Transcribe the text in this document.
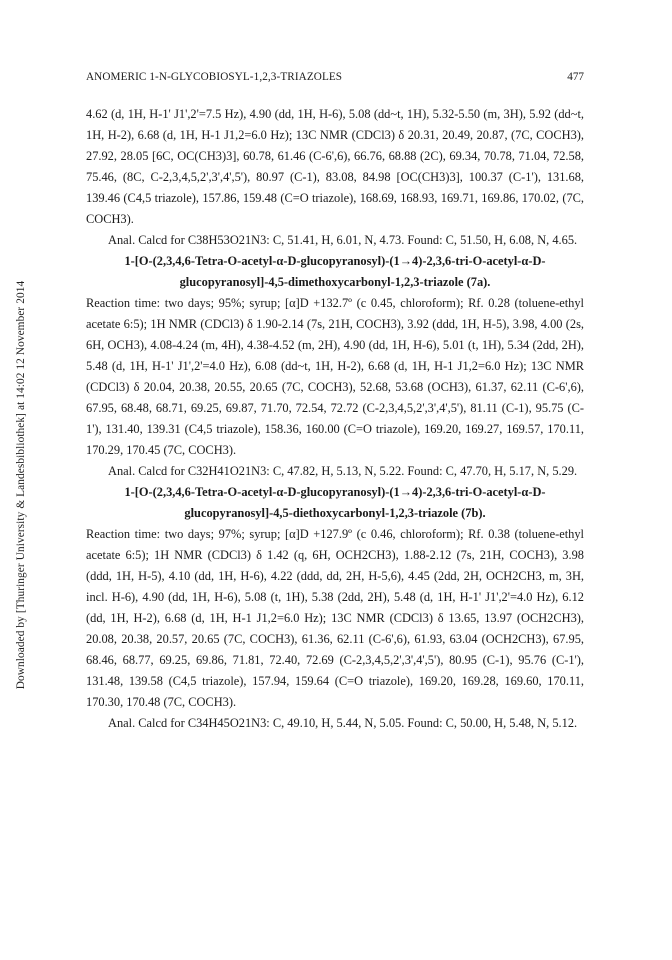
Downloaded by [Thuringer University & Landesbibliothek] at 14:02 12 November 2014
ANOMERIC 1-N-GLYCOBIOSYL-1,2,3-TRIAZOLES	477

4.62 (d, 1H, H-1' J1',2'=7.5 Hz), 4.90 (dd, 1H, H-6), 5.08 (dd~t, 1H), 5.32-5.50 (m, 3H), 5.92 (dd~t, 1H, H-2), 6.68 (d, 1H, H-1 J1,2=6.0 Hz); 13C NMR (CDCl3) δ 20.31, 20.49, 20.87, (7C, COCH3), 27.92, 28.05 [6C, OC(CH3)3], 60.78, 61.46 (C-6',6), 66.76, 68.88 (2C), 69.34, 70.78, 71.04, 72.58, 75.46, (8C, C-2,3,4,5,2',3',4',5'), 80.97 (C-1), 83.08, 84.98 [OC(CH3)3], 100.37 (C-1'), 131.68, 139.46 (C4,5 triazole), 157.86, 159.48 (C=O triazole), 168.69, 168.93, 169.71, 169.86, 170.02, (7C, COCH3).

Anal. Calcd for C38H53O21N3: C, 51.41, H, 6.01, N, 4.73. Found: C, 51.50, H, 6.08, N, 4.65.

1-[O-(2,3,4,6-Tetra-O-acetyl-α-D-glucopyranosyl)-(1→4)-2,3,6-tri-O-acetyl-α-D-glucopyranosyl]-4,5-dimethoxycarbonyl-1,2,3-triazole (7a).

Reaction time: two days; 95%; syrup; [α]D +132.7º (c 0.45, chloroform); Rf. 0.28 (toluene-ethyl acetate 6:5); 1H NMR (CDCl3) δ 1.90-2.14 (7s, 21H, COCH3), 3.92 (ddd, 1H, H-5), 3.98, 4.00 (2s, 6H, OCH3), 4.08-4.24 (m, 4H), 4.38-4.52 (m, 2H), 4.90 (dd, 1H, H-6), 5.01 (t, 1H), 5.34 (2dd, 2H), 5.48 (d, 1H, H-1' J1',2'=4.0 Hz), 6.08 (dd~t, 1H, H-2), 6.68 (d, 1H, H-1 J1,2=6.0 Hz); 13C NMR (CDCl3) δ 20.04, 20.38, 20.55, 20.65 (7C, COCH3), 52.68, 53.68 (OCH3), 61.37, 62.11 (C-6',6), 67.95, 68.48, 68.71, 69.25, 69.87, 71.70, 72.54, 72.72 (C-2,3,4,5,2',3',4',5'), 81.11 (C-1), 95.75 (C-1'), 131.40, 139.31 (C4,5 triazole), 158.36, 160.00 (C=O triazole), 169.20, 169.27, 169.57, 170.11, 170.29, 170.45 (7C, COCH3).

Anal. Calcd for C32H41O21N3: C, 47.82, H, 5.13, N, 5.22. Found: C, 47.70, H, 5.17, N, 5.29.

1-[O-(2,3,4,6-Tetra-O-acetyl-α-D-glucopyranosyl)-(1→4)-2,3,6-tri-O-acetyl-α-D-glucopyranosyl]-4,5-diethoxycarbonyl-1,2,3-triazole (7b).

Reaction time: two days; 97%; syrup; [α]D +127.9º (c 0.46, chloroform); Rf. 0.38 (toluene-ethyl acetate 6:5); 1H NMR (CDCl3) δ 1.42 (q, 6H, OCH2CH3), 1.88-2.12 (7s, 21H, COCH3), 3.98 (ddd, 1H, H-5), 4.10 (dd, 1H, H-6), 4.22 (ddd, dd, 2H, H-5,6), 4.45 (2dd, 2H, OCH2CH3, m, 3H, incl. H-6), 4.90 (dd, 1H, H-6), 5.08 (t, 1H), 5.38 (2dd, 2H), 5.48 (d, 1H, H-1' J1',2'=4.0 Hz), 6.12 (dd, 1H, H-2), 6.68 (d, 1H, H-1 J1,2=6.0 Hz); 13C NMR (CDCl3) δ 13.65, 13.97 (OCH2CH3), 20.08, 20.38, 20.57, 20.65 (7C, COCH3), 61.36, 62.11 (C-6',6), 61.93, 63.04 (OCH2CH3), 67.95, 68.46, 68.77, 69.25, 69.86, 71.81, 72.40, 72.69 (C-2,3,4,5,2',3',4',5'), 80.95 (C-1), 95.76 (C-1'), 131.48, 139.58 (C4,5 triazole), 157.94, 159.64 (C=O triazole), 169.20, 169.28, 169.60, 170.11, 170.30, 170.48 (7C, COCH3).

Anal. Calcd for C34H45O21N3: C, 49.10, H, 5.44, N, 5.05. Found: C, 50.00, H, 5.48, N, 5.12.
